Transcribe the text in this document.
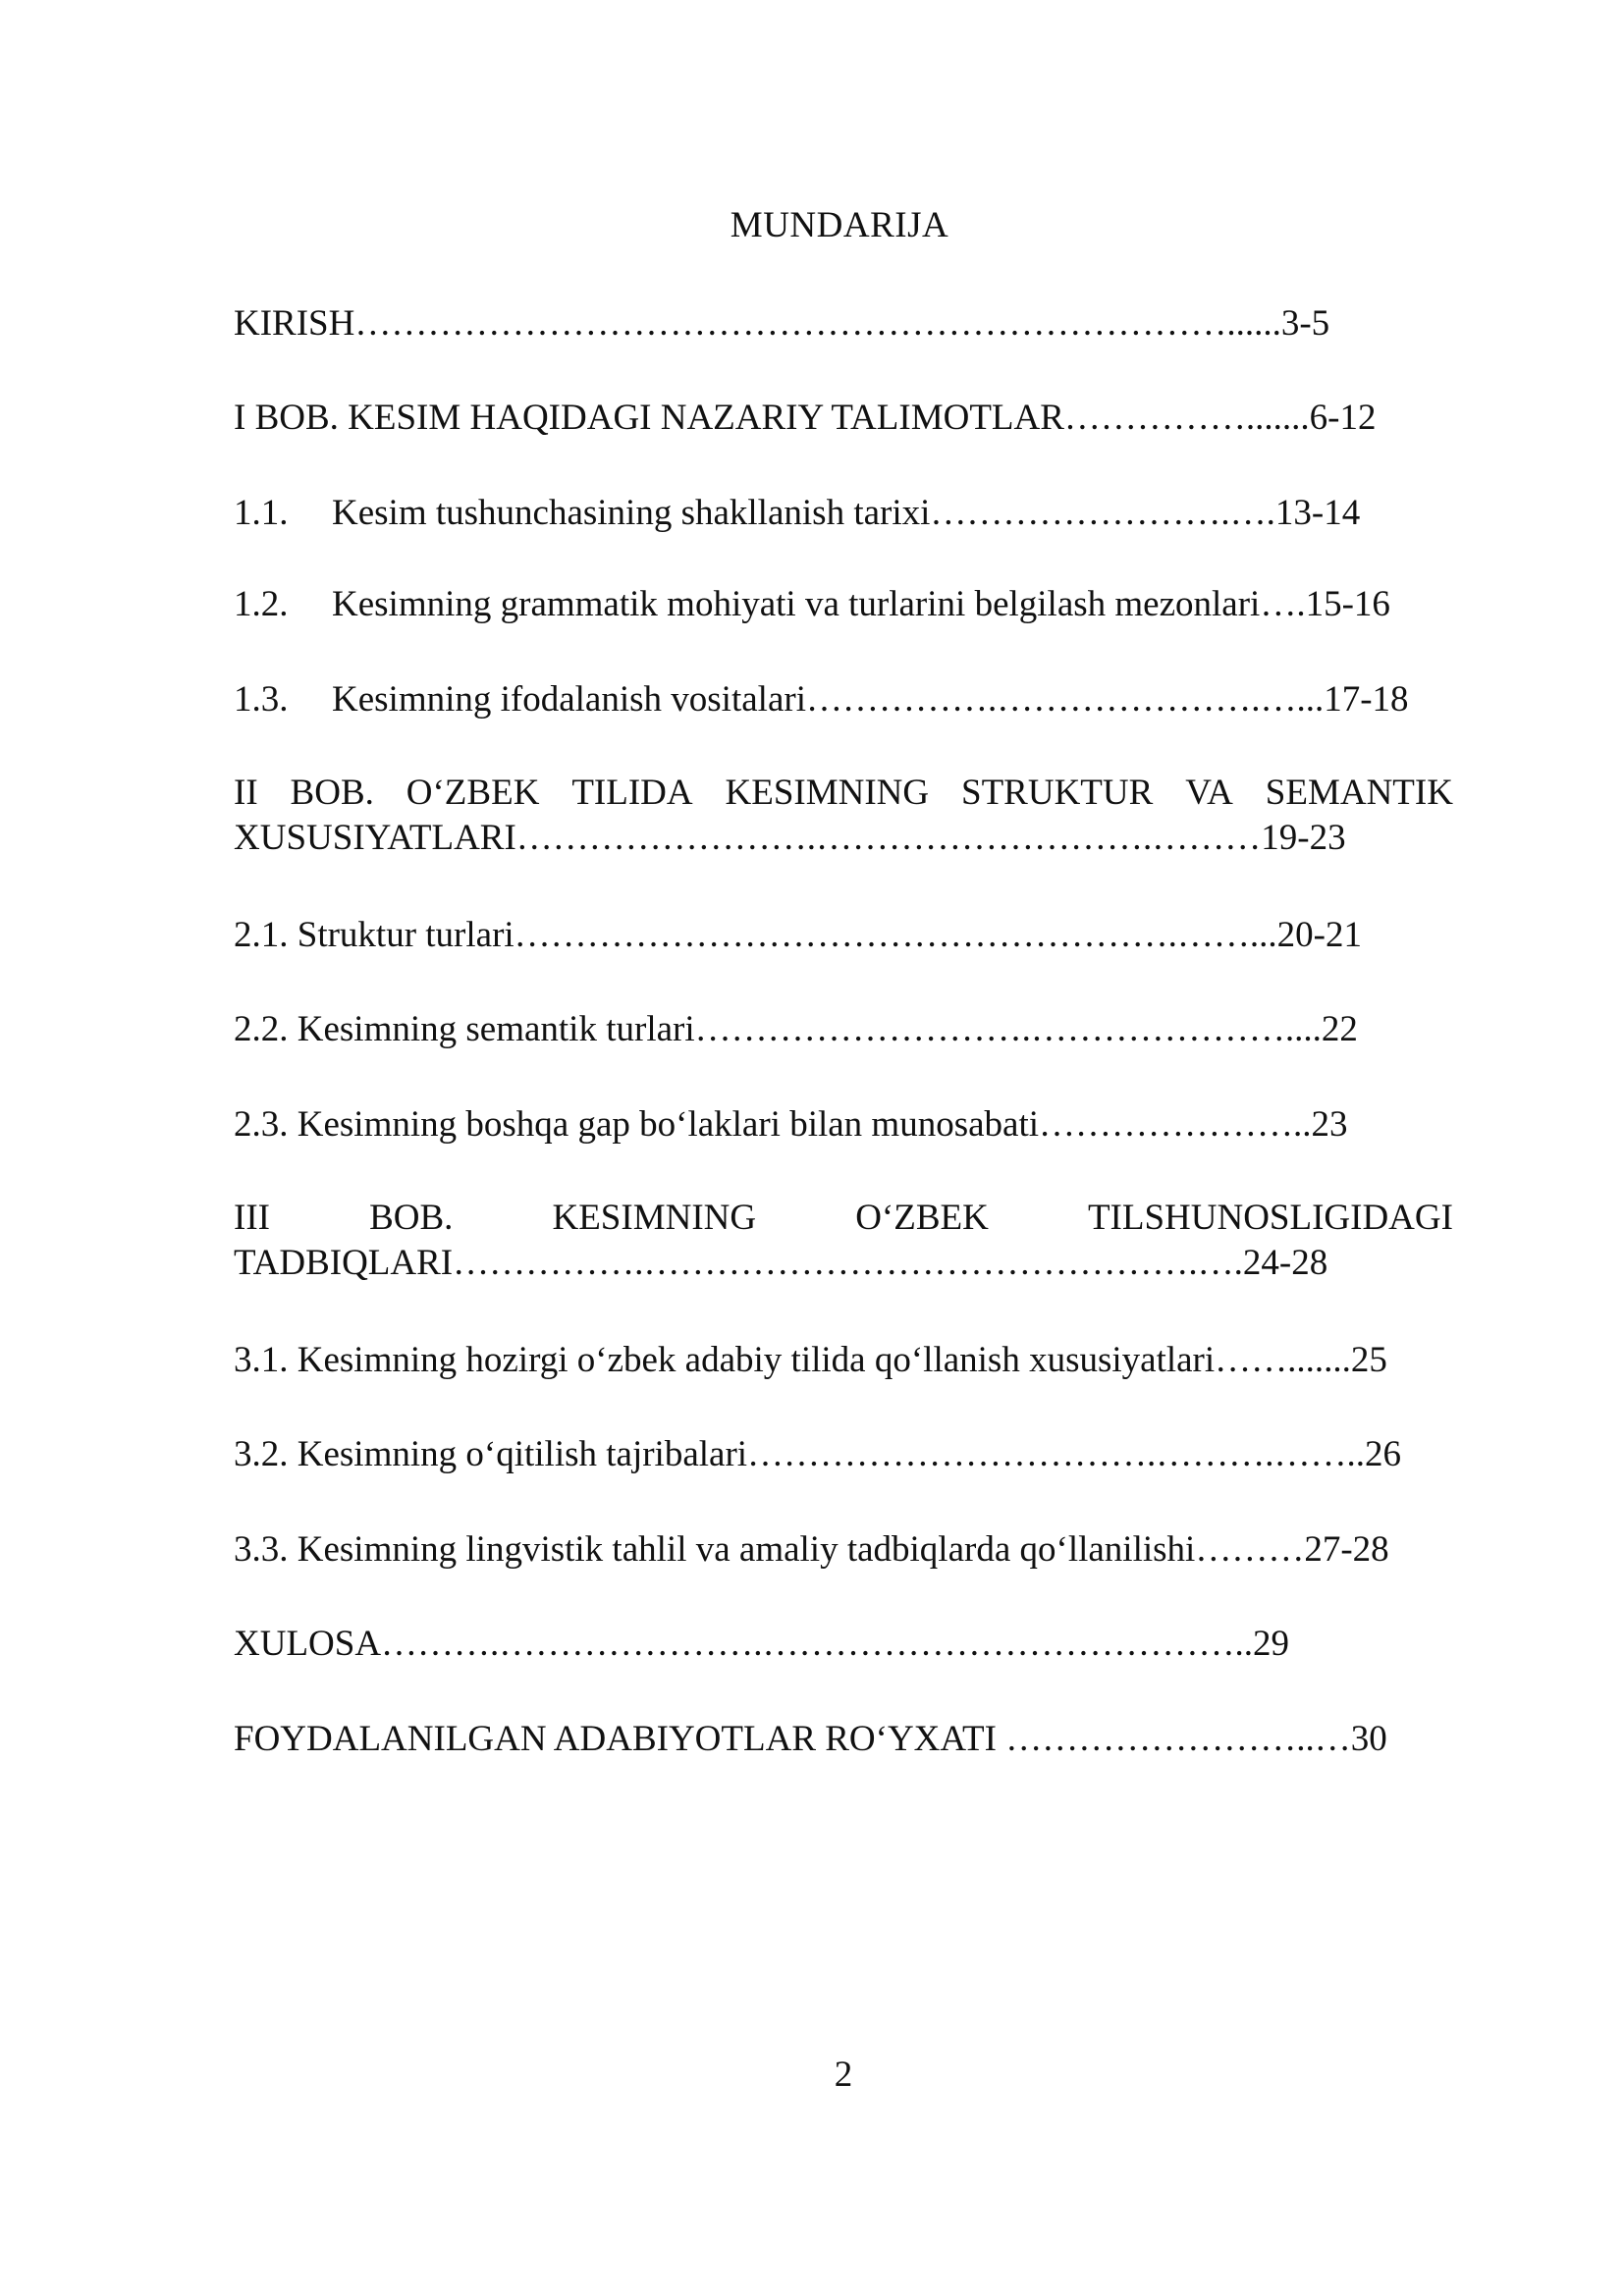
MUNDARIJA
KIRISH………………………………………………………………......3-5
I BOB. KESIM HAQIDAGI NAZARIY TALIMOTLAR…………….......6-12
1.1. Kesim tushunchasining shakllanish tarixi…………………….….13-14
1.2. Kesimning grammatik mohiyati va turlarini belgilash mezonlari….15-16
1.3. Kesimning ifodalanish vositalari…………….………………….…...17-18
II BOB. O‘ZBEK TILIDA KESIMNING STRUKTUR VA SEMANTIK
XUSUSIYATLARI…………………….……………………….………19-23
2.1. Struktur turlari……………………………………………….……...20-21
2.2. Kesimning semantik turlari……………………….…………………....22
2.3. Kesimning boshqa gap bo‘laklari bilan munosabati…………………..23
III	BOB.	KESIMNING	O‘ZBEK	TILSHUNOSLIGIDAGI
TADBIQLARI…………….……………………………………….….24-28
3.1. Kesimning hozirgi o‘zbek adabiy tilida qo‘llanish xususiyatlari…….......25
3.2. Kesimning o‘qitilish tajribalari…………………………….……….……..26
3.3. Kesimning lingvistik tahlil va amaliy tadbiqlarda qo‘llanilishi………27-28
XULOSA……….………………….…………………………………..29
FOYDALANILGAN ADABIYOTLAR RO‘YXATI ……………………..…30
2
